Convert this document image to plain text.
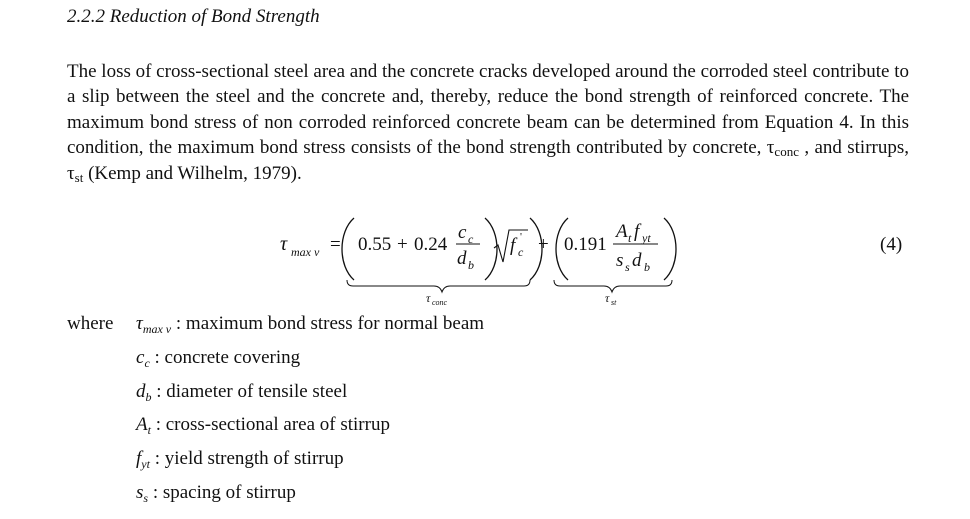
2.2.2 Reduction of Bond Strength
The loss of cross-sectional steel area and the concrete cracks developed around the corroded steel contribute to a slip between the steel and the concrete and, thereby, reduce the bond strength of reinforced concrete. The maximum bond stress of non corroded reinforced concrete beam can be determined from Equation 4. In this condition, the maximum bond stress consists of the bond strength contributed by concrete, $\tau_{conc}$ , and stirrups, $\tau_{st}$ (Kemp and Wilhelm, 1979).
τ max v = 0.55 + 0.24
c c
d b
f c
' + 0.191
A t f yt
s s d b
τ conc	τ st
(4)
where $\tau_{max v}$ : maximum bond stress for normal beam
$c_c$ : concrete covering
$d_b$ : diameter of tensile steel
$A_t$ : cross-sectional area of stirrup
$f_{yt}$ : yield strength of stirrup
$s_s$ : spacing of stirrup
